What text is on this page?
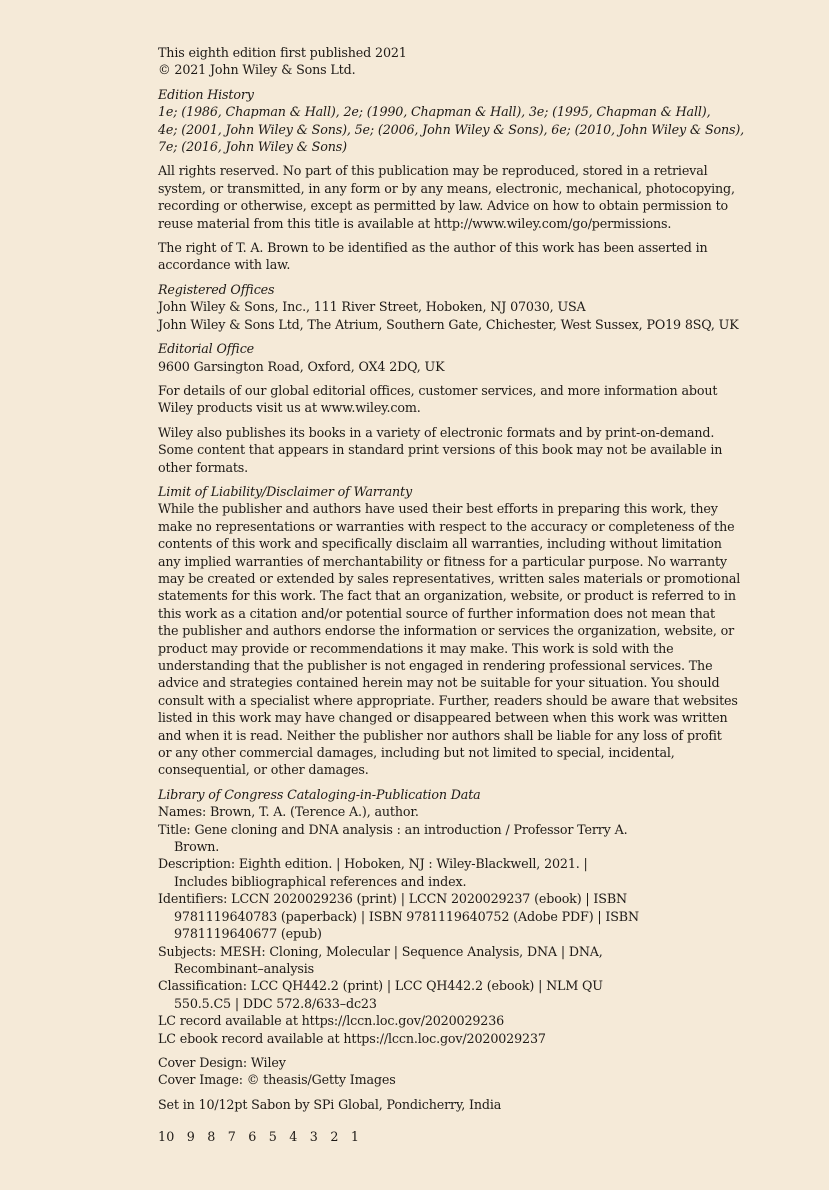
This eighth edition first published 2021
© 2021 John Wiley & Sons Ltd.
Edition History
1e; (1986, Chapman & Hall), 2e; (1990, Chapman & Hall), 3e; (1995, Chapman & Hall),
4e; (2001, John Wiley & Sons), 5e; (2006, John Wiley & Sons), 6e; (2010, John Wiley & Sons),
7e; (2016, John Wiley & Sons)
All rights reserved. No part of this publication may be reproduced, stored in a retrieval
system, or transmitted, in any form or by any means, electronic, mechanical, photocopying,
recording or otherwise, except as permitted by law. Advice on how to obtain permission to
reuse material from this title is available at http://www.wiley.com/go/permissions.
The right of T. A. Brown to be identified as the author of this work has been asserted in
accordance with law.
Registered Offices
John Wiley & Sons, Inc., 111 River Street, Hoboken, NJ 07030, USA
John Wiley & Sons Ltd, The Atrium, Southern Gate, Chichester, West Sussex, PO19 8SQ, UK
Editorial Office
9600 Garsington Road, Oxford, OX4 2DQ, UK
For details of our global editorial offices, customer services, and more information about
Wiley products visit us at www.wiley.com.
Wiley also publishes its books in a variety of electronic formats and by print-on-demand.
Some content that appears in standard print versions of this book may not be available in
other formats.
Limit of Liability/Disclaimer of Warranty
While the publisher and authors have used their best efforts in preparing this work, they
make no representations or warranties with respect to the accuracy or completeness of the
contents of this work and specifically disclaim all warranties, including without limitation
any implied warranties of merchantability or fitness for a particular purpose. No warranty
may be created or extended by sales representatives, written sales materials or promotional
statements for this work. The fact that an organization, website, or product is referred to in
this work as a citation and/or potential source of further information does not mean that
the publisher and authors endorse the information or services the organization, website, or
product may provide or recommendations it may make. This work is sold with the
understanding that the publisher is not engaged in rendering professional services. The
advice and strategies contained herein may not be suitable for your situation. You should
consult with a specialist where appropriate. Further, readers should be aware that websites
listed in this work may have changed or disappeared between when this work was written
and when it is read. Neither the publisher nor authors shall be liable for any loss of profit
or any other commercial damages, including but not limited to special, incidental,
consequential, or other damages.
Library of Congress Cataloging-in-Publication Data
Names: Brown, T. A. (Terence A.), author.
Title: Gene cloning and DNA analysis : an introduction / Professor Terry A.
Brown.
Description: Eighth edition. | Hoboken, NJ : Wiley-Blackwell, 2021. |
Includes bibliographical references and index.
Identifiers: LCCN 2020029236 (print) | LCCN 2020029237 (ebook) | ISBN
9781119640783 (paperback) | ISBN 9781119640752 (Adobe PDF) | ISBN
9781119640677 (epub)
Subjects: MESH: Cloning, Molecular | Sequence Analysis, DNA | DNA,
Recombinant–analysis
Classification: LCC QH442.2 (print) | LCC QH442.2 (ebook) | NLM QU
550.5.C5 | DDC 572.8/633–dc23
LC record available at https://lccn.loc.gov/2020029236
LC ebook record available at https://lccn.loc.gov/2020029237
Cover Design: Wiley
Cover Image: © theasis/Getty Images
Set in 10/12pt Sabon by SPi Global, Pondicherry, India
10 9 8 7 6 5 4 3 2 1
